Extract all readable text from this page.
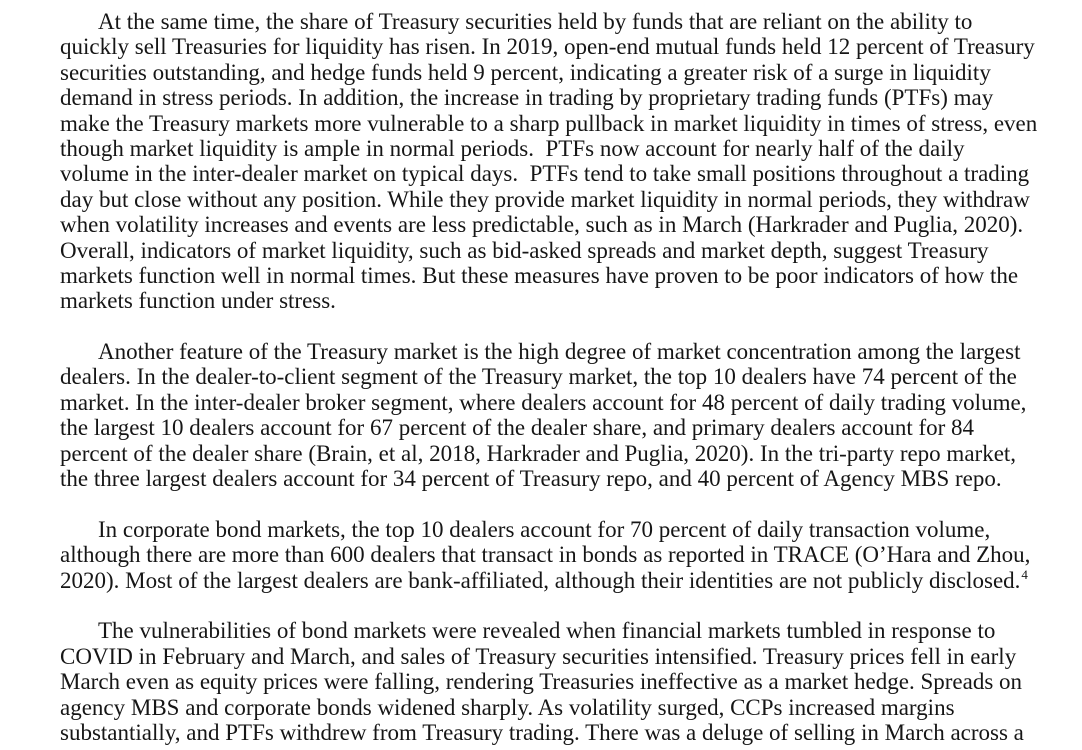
At the same time, the share of Treasury securities held by funds that are reliant on the ability to
quickly sell Treasuries for liquidity has risen. In 2019, open-end mutual funds held 12 percent of Treasury
securities outstanding, and hedge funds held 9 percent, indicating a greater risk of a surge in liquidity
demand in stress periods. In addition, the increase in trading by proprietary trading funds (PTFs) may
make the Treasury markets more vulnerable to a sharp pullback in market liquidity in times of stress, even
though market liquidity is ample in normal periods.  PTFs now account for nearly half of the daily
volume in the inter-dealer market on typical days.  PTFs tend to take small positions throughout a trading
day but close without any position. While they provide market liquidity in normal periods, they withdraw
when volatility increases and events are less predictable, such as in March (Harkrader and Puglia, 2020).
Overall, indicators of market liquidity, such as bid-asked spreads and market depth, suggest Treasury
markets function well in normal times. But these measures have proven to be poor indicators of how the
markets function under stress.
Another feature of the Treasury market is the high degree of market concentration among the largest
dealers. In the dealer-to-client segment of the Treasury market, the top 10 dealers have 74 percent of the
market. In the inter-dealer broker segment, where dealers account for 48 percent of daily trading volume,
the largest 10 dealers account for 67 percent of the dealer share, and primary dealers account for 84
percent of the dealer share (Brain, et al, 2018, Harkrader and Puglia, 2020). In the tri-party repo market,
the three largest dealers account for 34 percent of Treasury repo, and 40 percent of Agency MBS repo.
In corporate bond markets, the top 10 dealers account for 70 percent of daily transaction volume,
although there are more than 600 dealers that transact in bonds as reported in TRACE (O’Hara and Zhou,
2020). Most of the largest dealers are bank-affiliated, although their identities are not publicly disclosed.$^4$
The vulnerabilities of bond markets were revealed when financial markets tumbled in response to
COVID in February and March, and sales of Treasury securities intensified. Treasury prices fell in early
March even as equity prices were falling, rendering Treasuries ineffective as a market hedge. Spreads on
agency MBS and corporate bonds widened sharply. As volatility surged, CCPs increased margins
substantially, and PTFs withdrew from Treasury trading. There was a deluge of selling in March across a
